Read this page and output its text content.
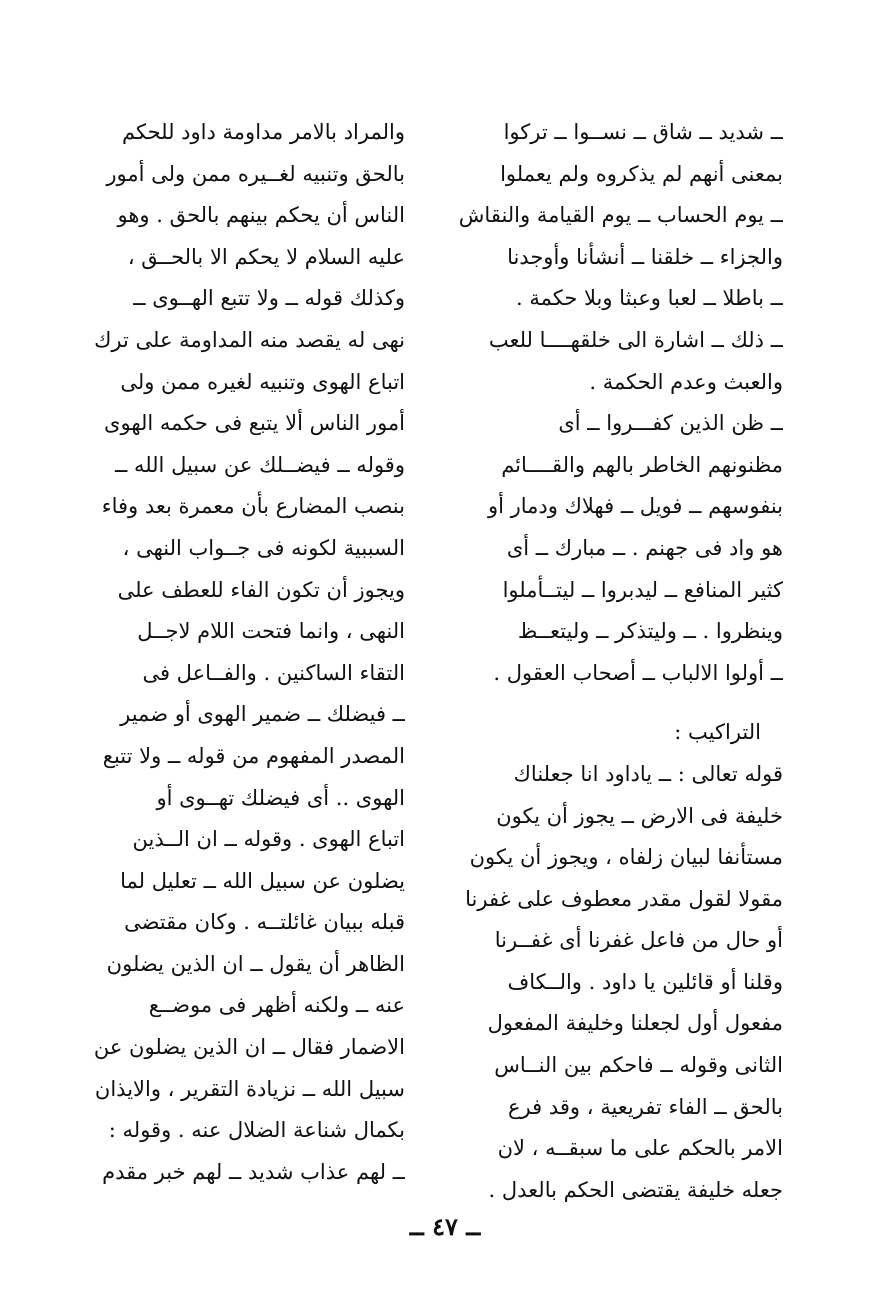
ــ شديد ــ شاق ــ نســوا ــ تركوا
بمعنى أنهم لم يذكروه ولم يعملوا
ــ يوم الحساب ــ يوم القيامة والنقاش
والجزاء ــ خلقنا ــ أنشأنا وأوجدنا
ــ باطلا ــ لعبا وعبثا وبلا حكمة .
ــ ذلك ــ اشارة الى خلقهــــا للعب
والعبث وعدم الحكمة .
ــ ظن الذين كفـــروا ــ أى
مظنونهم الخاطر بالهم والقــــائم
بنفوسهم ــ فويل ــ فهلاك ودمار أو
هو واد فى جهنم . ــ مبارك ــ أى
كثير المنافع ــ ليدبروا ــ ليتــأملوا
وينظروا . ــ وليتذكر ــ وليتعــظ
ــ أولوا الالباب ــ أصحاب العقول .
التراكيب :
قوله تعالى : ــ ياداود انا جعلناك
خليفة فى الارض ــ يجوز أن يكون
مستأنفا لبيان زلفاه ، ويجوز أن يكون
مقولا لقول مقدر معطوف على غفرنا
أو حال من فاعل غفرنا أى غفــرنا
وقلنا أو قائلين يا داود . والــكاف
مفعول أول لجعلنا وخليفة المفعول
الثانى وقوله ــ فاحكم بين النــاس
بالحق ــ الفاء تفريعية ، وقد فرع
الامر بالحكم على ما سبقــه ، لان
جعله خليفة يقتضى الحكم بالعدل .
والمراد بالامر مداومة داود للحكم
بالحق وتنبيه لغــيره ممن ولى أمور
الناس أن يحكم بينهم بالحق . وهو
عليه السلام لا يحكم الا بالحــق ،
وكذلك قوله ــ ولا تتبع الهــوى ــ
نهى له يقصد منه المداومة على ترك
اتباع الهوى وتنبيه لغيره ممن ولى
أمور الناس ألا يتبع فى حكمه الهوى
وقوله ــ فيضــلك عن سبيل الله ــ
بنصب المضارع بأن معمرة بعد وفاء
السببية لكونه فى جــواب النهى ،
ويجوز أن تكون الفاء للعطف على
النهى ، وانما فتحت اللام لاجــل
التقاء الساكنين . والفــاعل فى
ــ فيضلك ــ ضمير الهوى أو ضمير
المصدر المفهوم من قوله ــ ولا تتبع
الهوى .. أى فيضلك تهــوى أو
اتباع الهوى . وقوله ــ ان الــذين
يضلون عن سبيل الله ــ تعليل لما
قبله ببيان غائلتــه . وكان مقتضى
الظاهر أن يقول ــ ان الذين يضلون
عنه ــ ولكنه أظهر فى موضــع
الاضمار فقال ــ ان الذين يضلون عن
سبيل الله ــ نزيادة التقرير ، والايذان
بكمال شناعة الضلال عنه . وقوله :
ــ لهم عذاب شديد ــ لهم خبر مقدم
ــ ٤٧ ــ
